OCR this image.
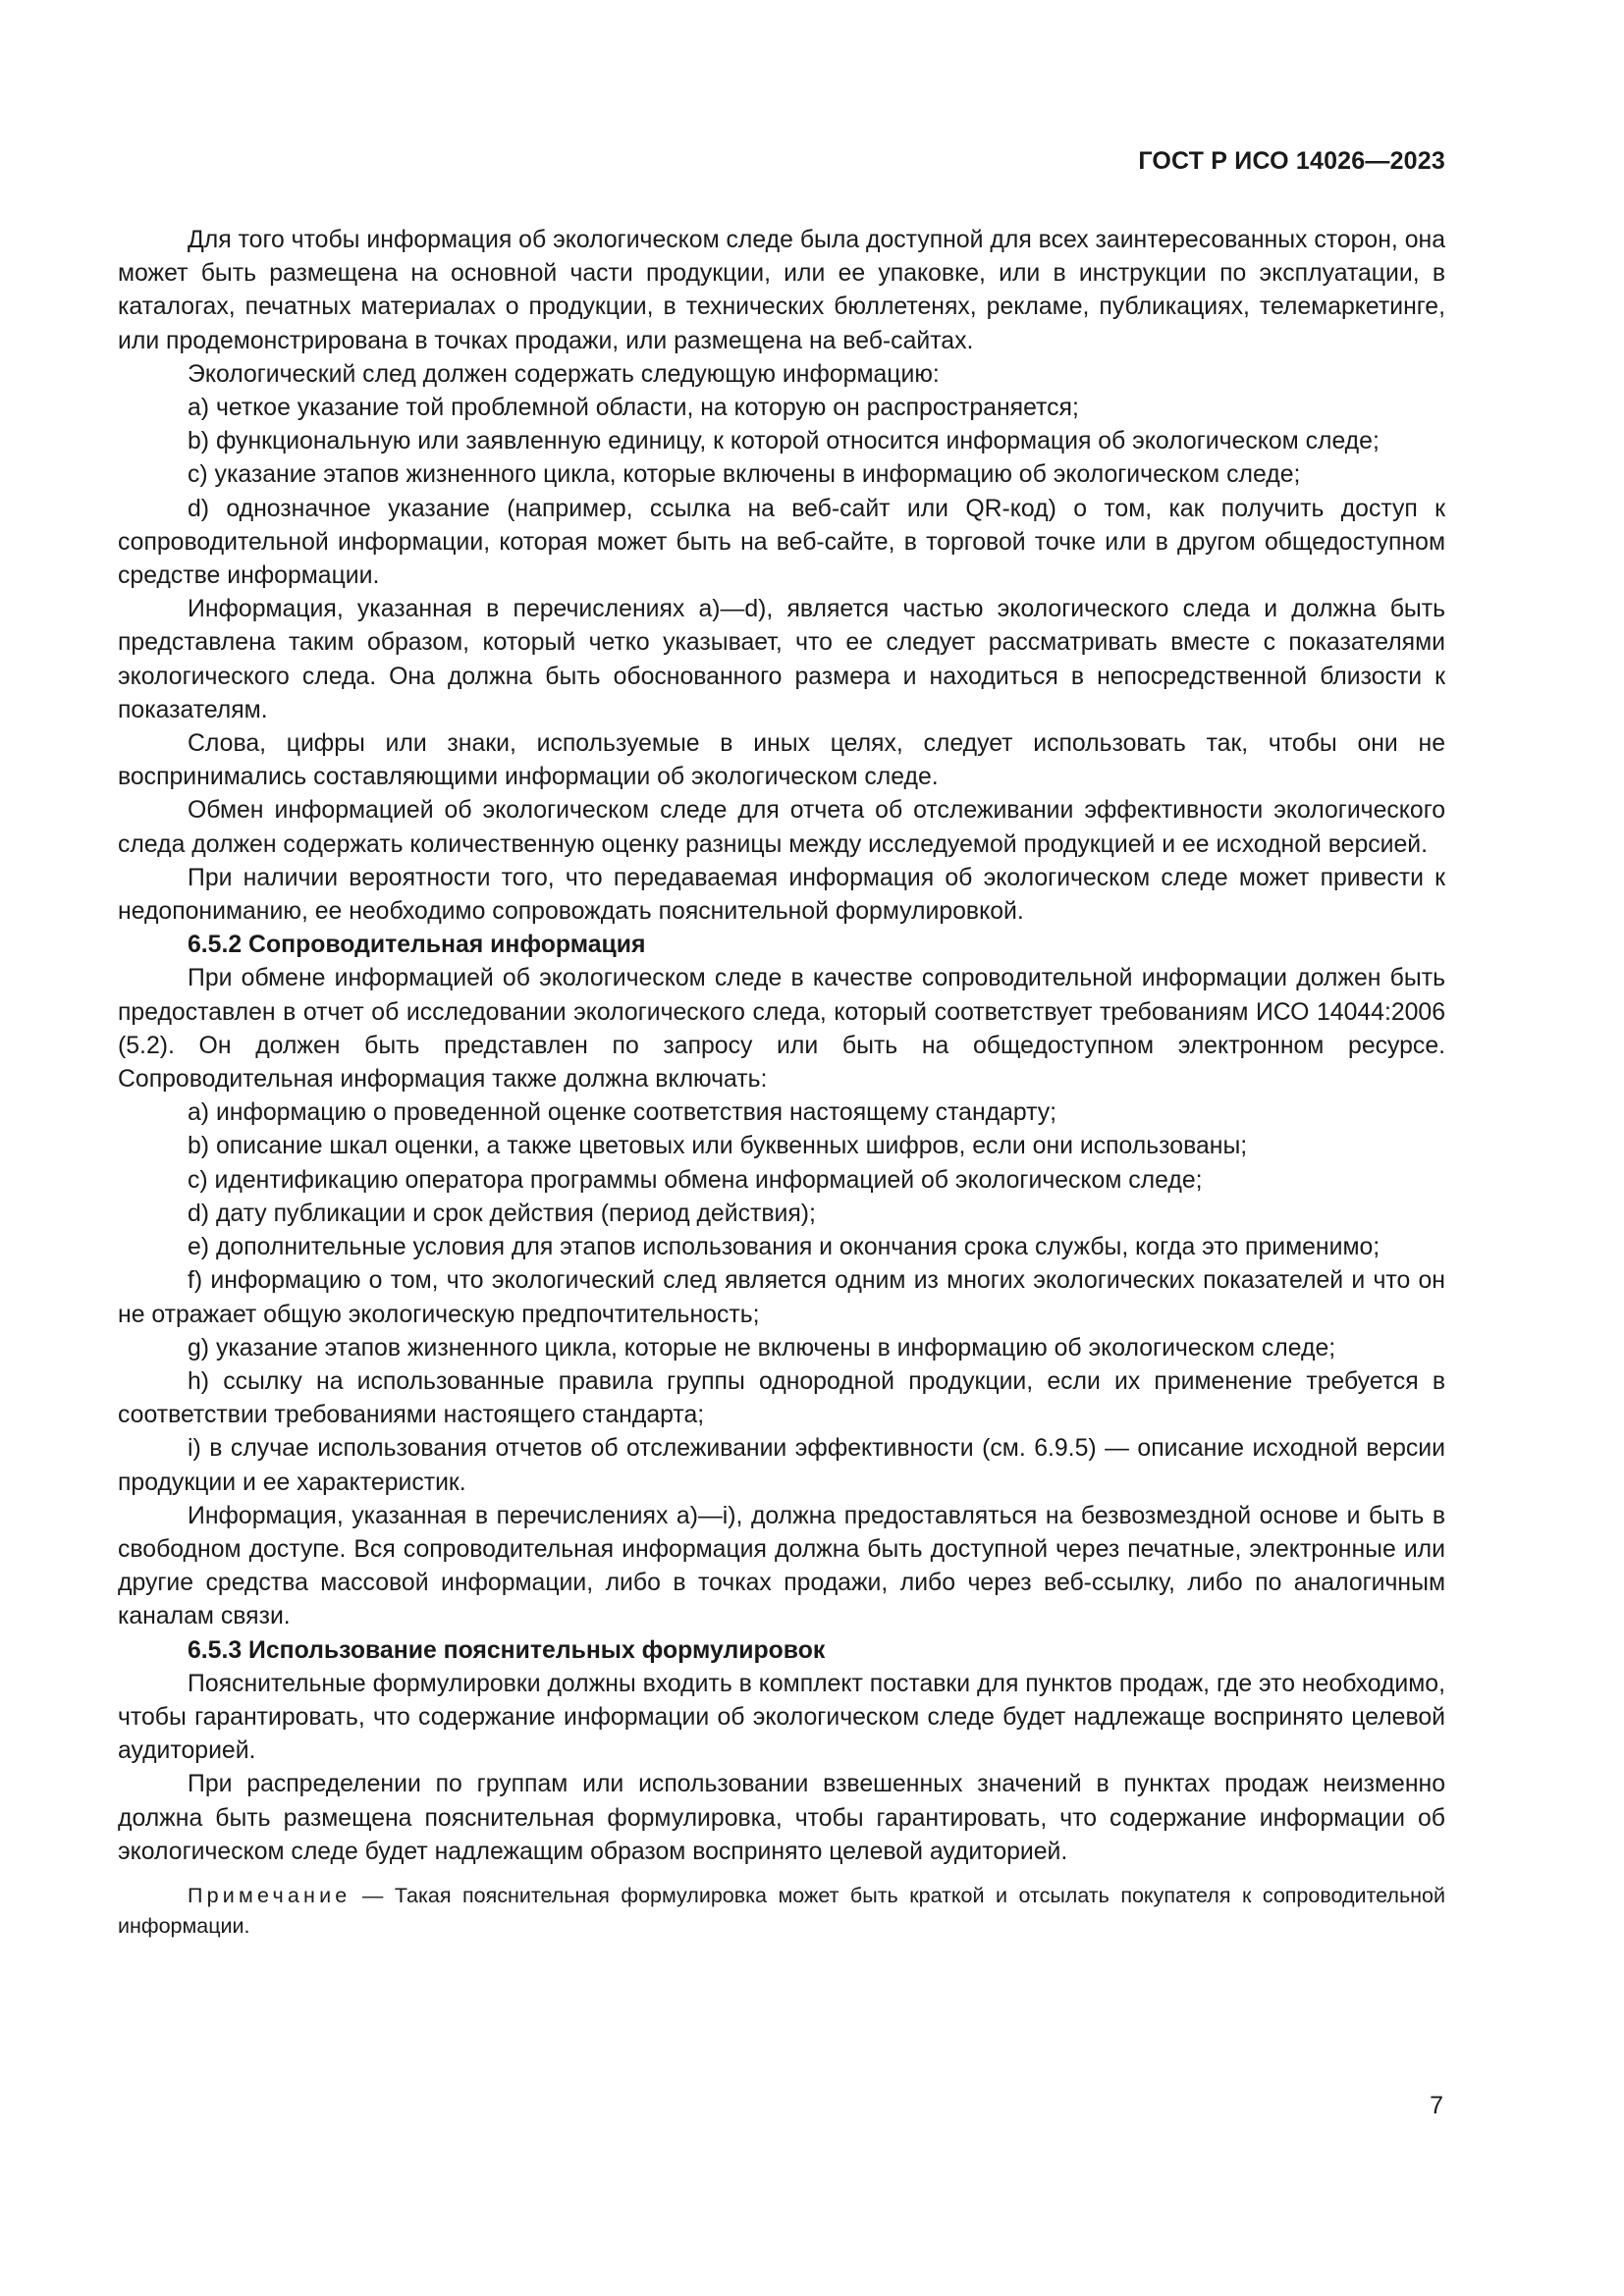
ГОСТ Р ИСО 14026—2023

Для того чтобы информация об экологическом следе была доступной для всех заинтересованных сторон, она может быть размещена на основной части продукции, или ее упаковке, или в инструкции по эксплуатации, в каталогах, печатных материалах о продукции, в технических бюллетенях, рекламе, публикациях, телемаркетинге, или продемонстрирована в точках продажи, или размещена на веб-сайтах.

Экологический след должен содержать следующую информацию:

a) четкое указание той проблемной области, на которую он распространяется;

b) функциональную или заявленную единицу, к которой относится информация об экологическом следе;

c) указание этапов жизненного цикла, которые включены в информацию об экологическом следе;

d) однозначное указание (например, ссылка на веб-сайт или QR-код) о том, как получить доступ к сопроводительной информации, которая может быть на веб-сайте, в торговой точке или в другом общедоступном средстве информации.

Информация, указанная в перечислениях a)—d), является частью экологического следа и должна быть представлена таким образом, который четко указывает, что ее следует рассматривать вместе с показателями экологического следа. Она должна быть обоснованного размера и находиться в непосредственной близости к показателям.

Слова, цифры или знаки, используемые в иных целях, следует использовать так, чтобы они не воспринимались составляющими информации об экологическом следе.

Обмен информацией об экологическом следе для отчета об отслеживании эффективности экологического следа должен содержать количественную оценку разницы между исследуемой продукцией и ее исходной версией.

При наличии вероятности того, что передаваемая информация об экологическом следе может привести к недопониманию, ее необходимо сопровождать пояснительной формулировкой.

6.5.2 Сопроводительная информация

При обмене информацией об экологическом следе в качестве сопроводительной информации должен быть предоставлен в отчет об исследовании экологического следа, который соответствует требованиям ИСО 14044:2006 (5.2). Он должен быть представлен по запросу или быть на общедоступном электронном ресурсе. Сопроводительная информация также должна включать:

a) информацию о проведенной оценке соответствия настоящему стандарту;

b) описание шкал оценки, а также цветовых или буквенных шифров, если они использованы;

c) идентификацию оператора программы обмена информацией об экологическом следе;

d) дату публикации и срок действия (период действия);

e) дополнительные условия для этапов использования и окончания срока службы, когда это применимо;

f) информацию о том, что экологический след является одним из многих экологических показателей и что он не отражает общую экологическую предпочтительность;

g) указание этапов жизненного цикла, которые не включены в информацию об экологическом следе;

h) ссылку на использованные правила группы однородной продукции, если их применение требуется в соответствии требованиями настоящего стандарта;

i) в случае использования отчетов об отслеживании эффективности (см. 6.9.5) — описание исходной версии продукции и ее характеристик.

Информация, указанная в перечислениях a)—i), должна предоставляться на безвозмездной основе и быть в свободном доступе. Вся сопроводительная информация должна быть доступной через печатные, электронные или другие средства массовой информации, либо в точках продажи, либо через веб-ссылку, либо по аналогичным каналам связи.

6.5.3 Использование пояснительных формулировок

Пояснительные формулировки должны входить в комплект поставки для пунктов продаж, где это необходимо, чтобы гарантировать, что содержание информации об экологическом следе будет надлежаще воспринято целевой аудиторией.

При распределении по группам или использовании взвешенных значений в пунктах продаж неизменно должна быть размещена пояснительная формулировка, чтобы гарантировать, что содержание информации об экологическом следе будет надлежащим образом воспринято целевой аудиторией.

Примечание — Такая пояснительная формулировка может быть краткой и отсылать покупателя к сопроводительной информации.

7
